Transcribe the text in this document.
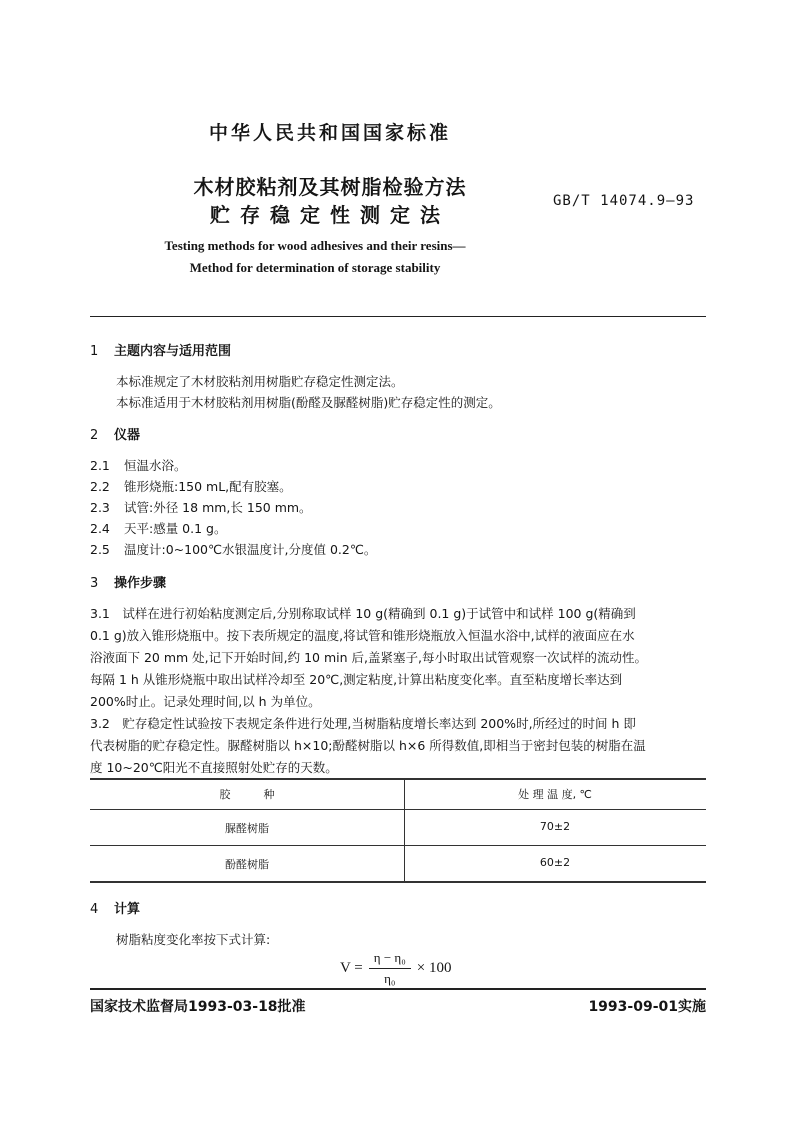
中华人民共和国国家标准
木材胶粘剂及其树脂检验方法
贮存稳定性测定法
GB/T 14074.9—93
Testing methods for wood adhesives and their resins—
Method for determination of storage stability
1 主题内容与适用范围
本标准规定了木材胶粘剂用树脂贮存稳定性测定法。
本标准适用于木材胶粘剂用树脂(酚醛及脲醛树脂)贮存稳定性的测定。
2 仪器
2.1 恒温水浴。
2.2 锥形烧瓶:150 mL,配有胶塞。
2.3 试管:外径 18 mm,长 150 mm。
2.4 天平:感量 0.1 g。
2.5 温度计:0~100℃水银温度计,分度值 0.2℃。
3 操作步骤
3.1　试样在进行初始粘度测定后,分别称取试样 10 g(精确到 0.1 g)于试管中和试样 100 g(精确到
0.1 g)放入锥形烧瓶中。按下表所规定的温度,将试管和锥形烧瓶放入恒温水浴中,试样的液面应在水
浴液面下 20 mm 处,记下开始时间,约 10 min 后,盖紧塞子,每小时取出试管观察一次试样的流动性。
每隔 1 h 从锥形烧瓶中取出试样冷却至 20℃,测定粘度,计算出粘度变化率。直至粘度增长率达到
200%时止。记录处理时间,以 h 为单位。
3.2　贮存稳定性试验按下表规定条件进行处理,当树脂粘度增长率达到 200%时,所经过的时间 h 即
代表树脂的贮存稳定性。脲醛树脂以 h×10;酚醛树脂以 h×6 所得数值,即相当于密封包装的树脂在温
度 10~20℃阳光不直接照射处贮存的天数。
胶　　　种	处 理 温 度, ℃
脲醛树脂	70±2
酚醛树脂	60±2
4 计算
树脂粘度变化率按下式计算:
$V = \frac{\text{η − η₀}}{\text{η₀}} \times 100$
国家技术监督局1993-03-18批准	1993-09-01实施
